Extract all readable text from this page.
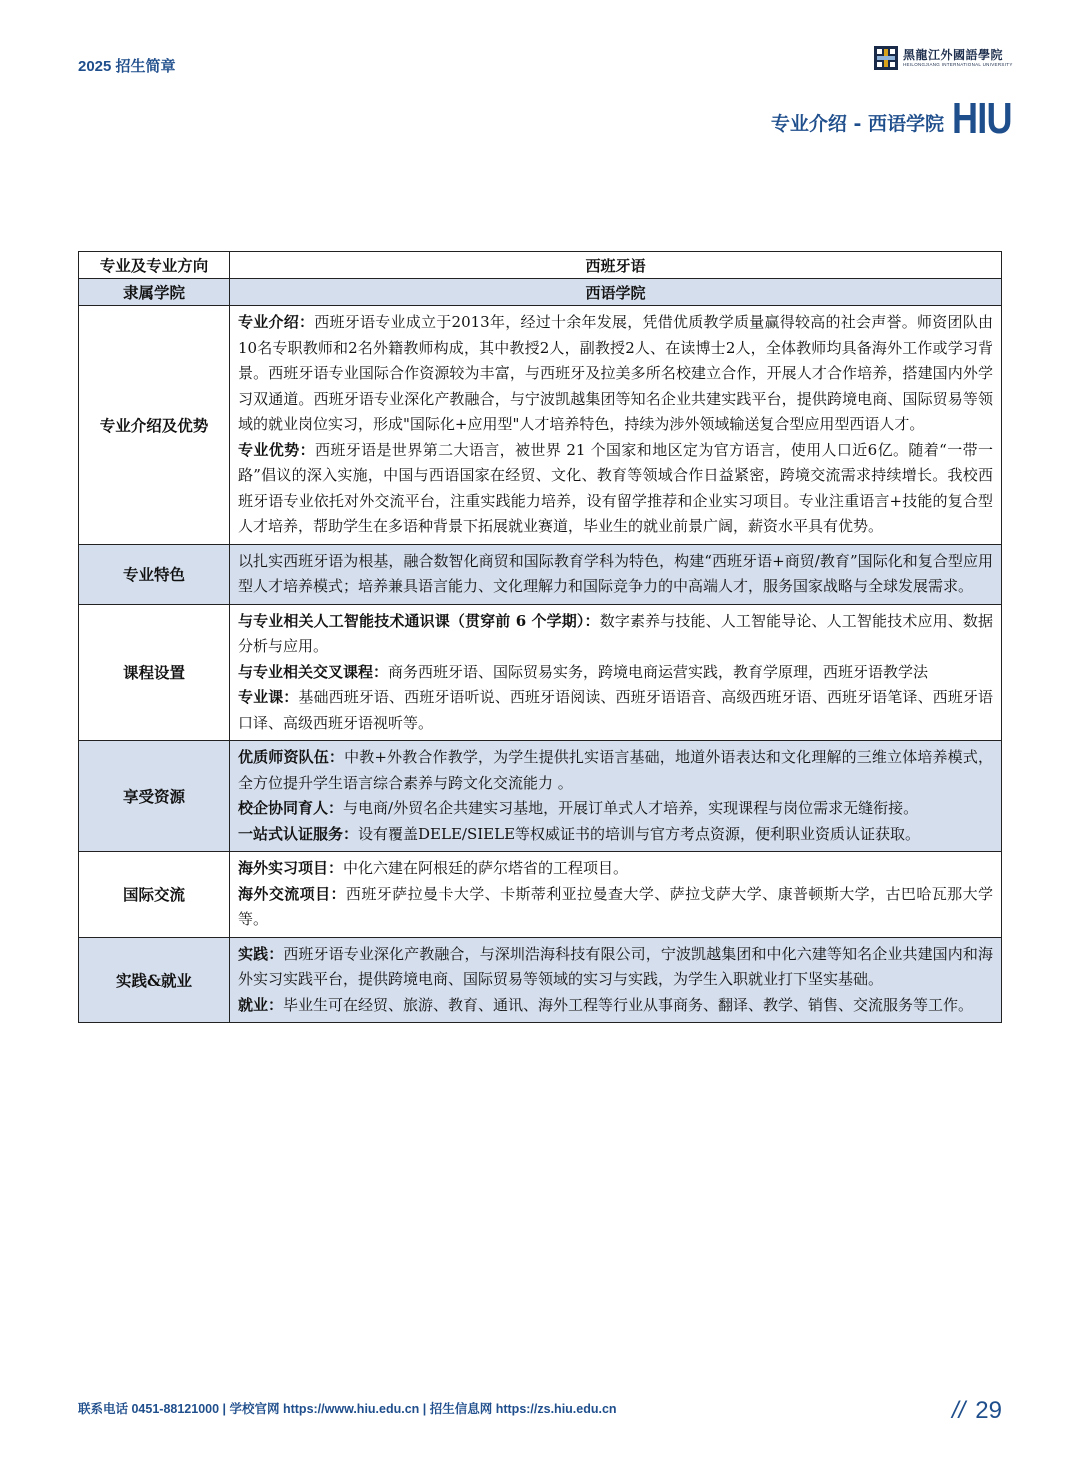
2025 招生简章
黑龍江外國語學院
HEILONGJIANG INTERNATIONAL UNIVERSITY
专业介绍 - 西语学院 HIU
专业及专业方向	西班牙语
隶属学院	西语学院
专业介绍及优势	专业介绍：西班牙语专业成立于2013年，经过十余年发展，凭借优质教学质量赢得较高的社会声誉。师资团队由10名专职教师和2名外籍教师构成，其中教授2人，副教授2人、在读博士2人，全体教师均具备海外工作或学习背景。西班牙语专业国际合作资源较为丰富，与西班牙及拉美多所名校建立合作，开展人才合作培养，搭建国内外学习双通道。西班牙语专业深化产教融合，与宁波凯越集团等知名企业共建实践平台，提供跨境电商、国际贸易等领域的就业岗位实习，形成"国际化+应用型"人才培养特色，持续为涉外领域输送复合型应用型西语人才。
专业优势：西班牙语是世界第二大语言，被世界 21 个国家和地区定为官方语言，使用人口近6亿。随着“一带一路”倡议的深入实施，中国与西语国家在经贸、文化、教育等领域合作日益紧密，跨境交流需求持续增长。我校西班牙语专业依托对外交流平台，注重实践能力培养，设有留学推荐和企业实习项目。专业注重语言+技能的复合型人才培养，帮助学生在多语种背景下拓展就业赛道，毕业生的就业前景广阔，薪资水平具有优势。

专业特色	以扎实西班牙语为根基，融合数智化商贸和国际教育学科为特色，构建“西班牙语+商贸/教育”国际化和复合型应用型人才培养模式；培养兼具语言能力、文化理解力和国际竞争力的中高端人才，服务国家战略与全球发展需求。

课程设置	与专业相关人工智能技术通识课（贯穿前 6 个学期）：数字素养与技能、人工智能导论、人工智能技术应用、数据分析与应用。
与专业相关交叉课程：商务西班牙语、国际贸易实务，跨境电商运营实践，教育学原理，西班牙语教学法
专业课：基础西班牙语、西班牙语听说、西班牙语阅读、西班牙语语音、高级西班牙语、西班牙语笔译、西班牙语口译、高级西班牙语视听等。

享受资源	优质师资队伍：中教+外教合作教学，为学生提供扎实语言基础，地道外语表达和文化理解的三维立体培养模式，全方位提升学生语言综合素养与跨文化交流能力 。
校企协同育人：与电商/外贸名企共建实习基地，开展订单式人才培养，实现课程与岗位需求无缝衔接。
一站式认证服务：设有覆盖DELE/SIELE等权威证书的培训与官方考点资源，便利职业资质认证获取。

国际交流	海外实习项目：中化六建在阿根廷的萨尔塔省的工程项目。
海外交流项目：西班牙萨拉曼卡大学、卡斯蒂利亚拉曼查大学、萨拉戈萨大学、康普顿斯大学，古巴哈瓦那大学等。

实践&就业	实践：西班牙语专业深化产教融合，与深圳浩海科技有限公司，宁波凯越集团和中化六建等知名企业共建国内和海外实习实践平台，提供跨境电商、国际贸易等领域的实习与实践，为学生入职就业打下坚实基础。
就业：毕业生可在经贸、旅游、教育、通讯、海外工程等行业从事商务、翻译、教学、销售、交流服务等工作。
联系电话 0451-88121000 | 学校官网 https://www.hiu.edu.cn | 招生信息网 https://zs.hiu.edu.cn	// 29
